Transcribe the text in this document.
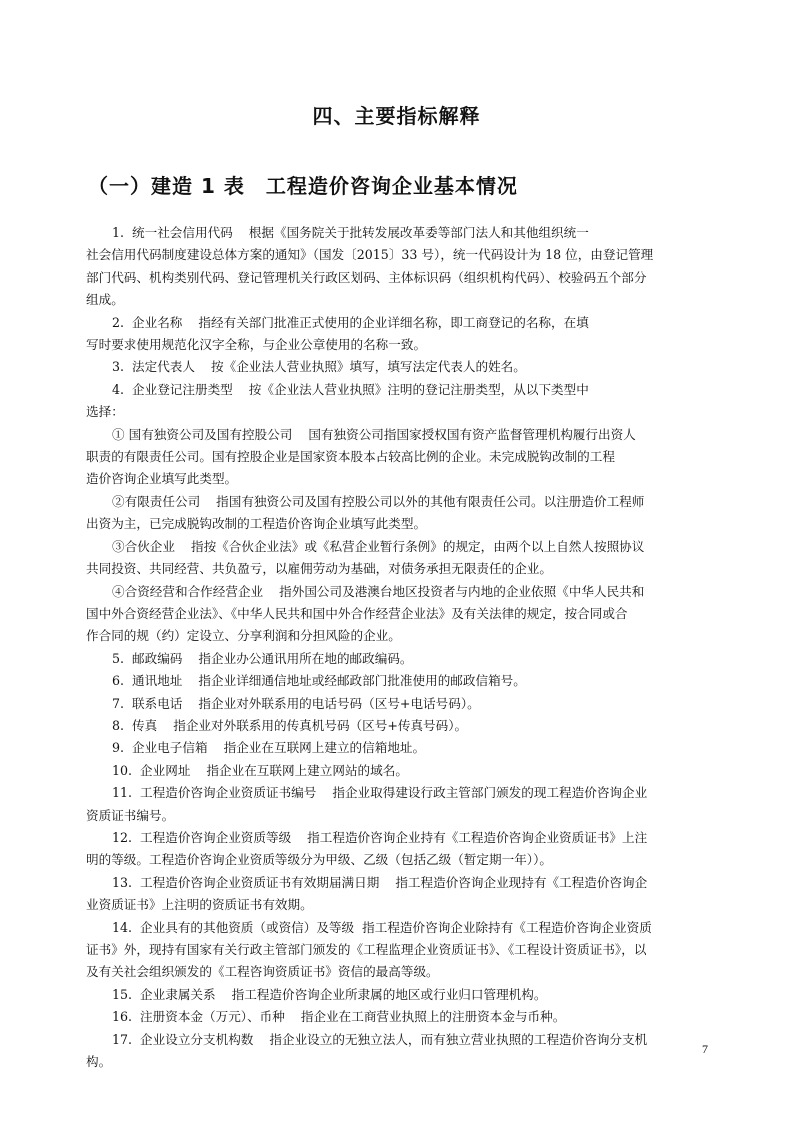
四、主要指标解释
（一）建造 1 表　工程造价咨询企业基本情况
1.  统一社会信用代码    根据《国务院关于批转发展改革委等部门法人和其他组织统一
社会信用代码制度建设总体方案的通知》（国发〔2015〕33 号），统一代码设计为 18 位，由登记管理
部门代码、机构类别代码、登记管理机关行政区划码、主体标识码（组织机构代码）、校验码五个部分
组成。
2.  企业名称    指经有关部门批准正式使用的企业详细名称，即工商登记的名称，在填
写时要求使用规范化汉字全称，与企业公章使用的名称一致。
3.  法定代表人    按《企业法人营业执照》填写，填写法定代表人的姓名。
4.  企业登记注册类型    按《企业法人营业执照》注明的登记注册类型，从以下类型中
选择：
① 国有独资公司及国有控股公司    国有独资公司指国家授权国有资产监督管理机构履行出资人
职责的有限责任公司。国有控股企业是国家资本股本占较高比例的企业。未完成脱钩改制的工程
造价咨询企业填写此类型。
②有限责任公司    指国有独资公司及国有控股公司以外的其他有限责任公司。以注册造价工程师
出资为主，已完成脱钩改制的工程造价咨询企业填写此类型。
③合伙企业    指按《合伙企业法》或《私营企业暂行条例》的规定，由两个以上自然人按照协议
共同投资、共同经营、共负盈亏，以雇佣劳动为基础，对债务承担无限责任的企业。
④合资经营和合作经营企业    指外国公司及港澳台地区投资者与内地的企业依照《中华人民共和
国中外合资经营企业法》、《中华人民共和国中外合作经营企业法》及有关法律的规定，按合同或合
作合同的规（约）定设立、分享利润和分担风险的企业。
5.  邮政编码    指企业办公通讯用所在地的邮政编码。
6.  通讯地址    指企业详细通信地址或经邮政部门批准使用的邮政信箱号。
7.  联系电话    指企业对外联系用的电话号码（区号+电话号码）。
8.  传真    指企业对外联系用的传真机号码（区号+传真号码）。
9.  企业电子信箱    指企业在互联网上建立的信箱地址。
10.  企业网址    指企业在互联网上建立网站的域名。
11.  工程造价咨询企业资质证书编号    指企业取得建设行政主管部门颁发的现工程造价咨询企业
资质证书编号。
12.  工程造价咨询企业资质等级    指工程造价咨询企业持有《工程造价咨询企业资质证书》上注
明的等级。工程造价咨询企业资质等级分为甲级、乙级（包括乙级（暂定期一年））。
13.  工程造价咨询企业资质证书有效期届满日期    指工程造价咨询企业现持有《工程造价咨询企
业资质证书》上注明的资质证书有效期。
14.  企业具有的其他资质（或资信）及等级  指工程造价咨询企业除持有《工程造价咨询企业资质
证书》外，现持有国家有关行政主管部门颁发的《工程监理企业资质证书》、《工程设计资质证书》，以
及有关社会组织颁发的《工程咨询资质证书》资信的最高等级。
15.  企业隶属关系    指工程造价咨询企业所隶属的地区或行业归口管理机构。
16.  注册资本金（万元）、币种    指企业在工商营业执照上的注册资本金与币种。
17.  企业设立分支机构数    指企业设立的无独立法人，而有独立营业执照的工程造价咨询分支机
构。
7
